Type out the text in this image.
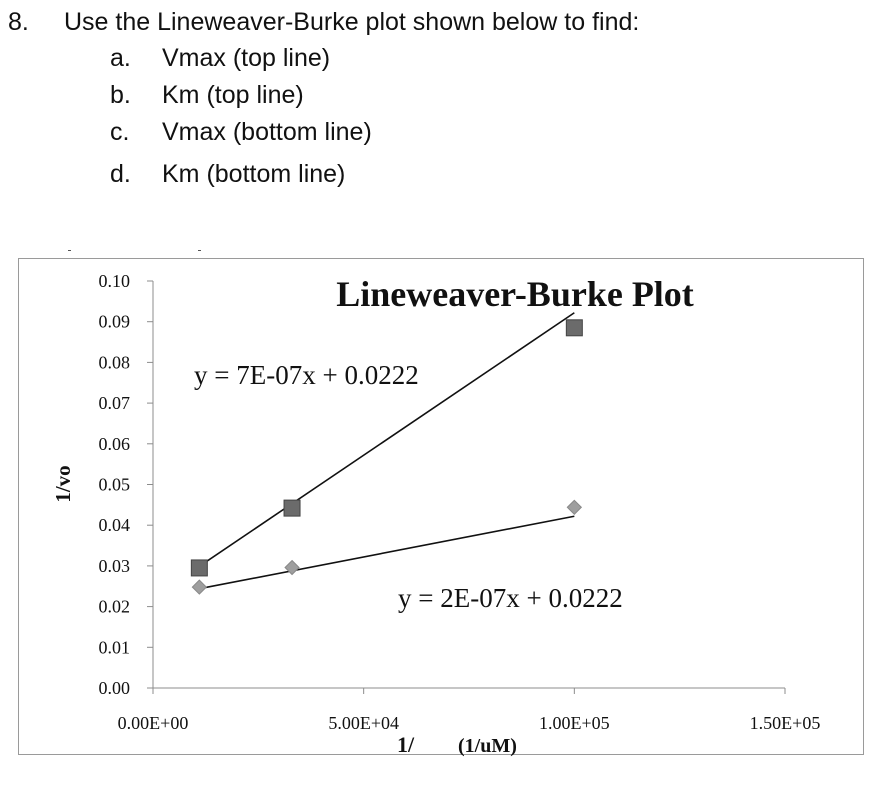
8. Use the Lineweaver-Burke plot shown below to find:
a. Vmax (top line)
b. Km (top line)
c. Vmax (bottom line)
d. Km (bottom line)
Lineweaver-Burke Plot
1/vo
1/ (1/uM)
y = 7E-07x + 0.0222
y = 2E-07x + 0.0222
0.00
0.01
0.02
0.03
0.04
0.05
0.06
0.07
0.08
0.09
0.10
0.00E+00	5.00E+04	1.00E+05	1.50E+05
